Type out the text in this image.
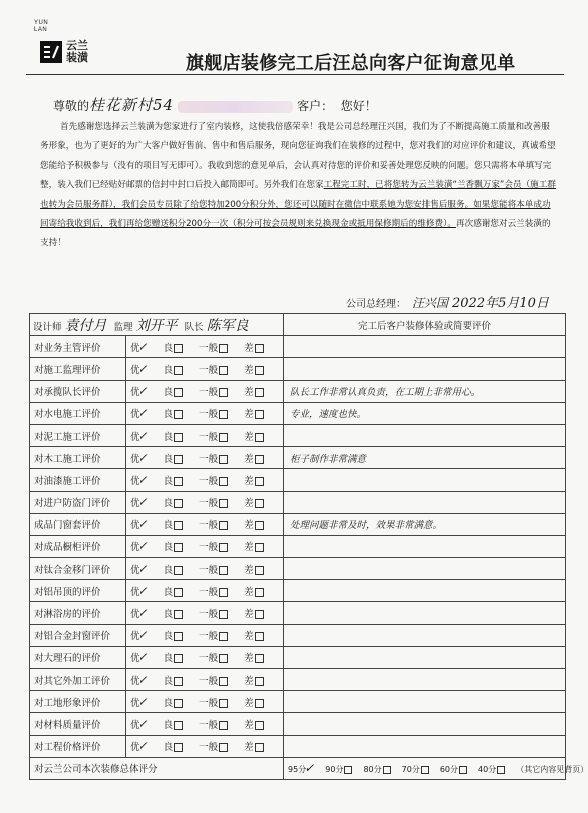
YUN
LAN
云兰
装潢	旗舰店装修完工后汪总向客户征询意见单
尊敬的桂花新村54	客户： 您好！

首先感谢您选择云兰装潢为您家进行了室内装修，这使我倍感荣幸！我是公司总经理汪兴国，我们为了不断提高施工质量和改善服务形象，也为了更好的为广大客户做好售前、售中和售后服务，现向您征询我们在装修的过程中，您对我们的对应评价和建议，真诚希望您能给予积极参与（没有的项目写无即可）。我收到您的意见单后，会认真对待您的评价和妥善处理您反映的问题。您只需将本单填写完整，装入我们已经贴好邮票的信封中封口后投入邮筒即可。另外我们在您家工程完工时，已将您转为云兰装潢“兰香飘万家”会员（施工群也转为会员服务群），我们会员专员除了给您特加200分积分外，您还可以随时在微信中联系她为您安排售后服务。如果您能将本单成功回寄给我收到后，我们再给您赠送积分200分一次（积分可按会员规则来兑换现金或抵用保修期后的维修费）。再次感谢您对云兰装潢的支持！

公司总经理： 汪兴国 2022年5月10日
设计师 袁付月 监理 刘开平 队长 陈军良		完工后客户装修体验或简要评价
对业务主管评价	优✓ 良 一般 差	
对施工监理评价	优✓ 良 一般 差	
对承揽队长评价	优✓ 良 一般 差	队长工作非常认真负责，在工期上非常用心。
对水电施工评价	优✓ 良 一般 差	专业，速度也快。
对泥工施工评价	优✓ 良 一般 差	
对木工施工评价	优✓ 良 一般 差	柜子制作非常满意
对油漆施工评价	优✓ 良 一般 差	
对进户防盗门评价	优✓ 良 一般 差	
成品门窗套评价	优✓ 良 一般 差	处理问题非常及时，效果非常满意。
对成品橱柜评价	优✓ 良 一般 差	
对钛合金移门评价	优✓ 良 一般 差	
对铝吊顶的评价	优✓ 良 一般 差	
对淋浴房的评价	优✓ 良 一般 差	
对铝合金封窗评价	优✓ 良 一般 差	
对大理石的评价	优✓ 良 一般 差	
对其它外加工评价	优✓ 良 一般 差	
对工地形象评价	优✓ 良 一般 差	
对材料质量评价	优✓ 良 一般 差	
对工程价格评价	优✓ 良 一般 差	
对云兰公司本次装修总体评分		95分✓ 90分 80分 70分 60分 40分 （其它内容见背页）
